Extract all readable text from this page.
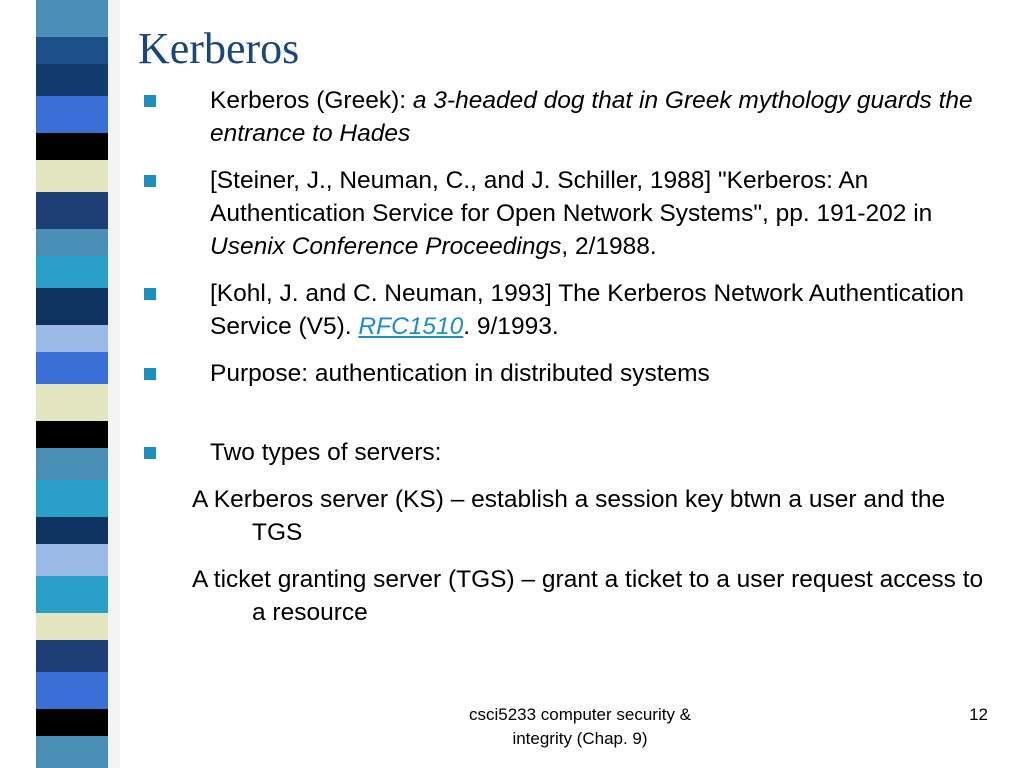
Kerberos
Kerberos (Greek): a 3-headed dog that in Greek mythology guards the entrance to Hades
[Steiner, J., Neuman, C., and J. Schiller, 1988] "Kerberos: An Authentication Service for Open Network Systems", pp. 191-202 in Usenix Conference Proceedings, 2/1988.
[Kohl, J. and C. Neuman, 1993] The Kerberos Network Authentication Service (V5). RFC1510. 9/1993.
Purpose: authentication in distributed systems
Two types of servers:
A Kerberos server (KS) – establish a session key btwn a user and the TGS
A ticket granting server (TGS) – grant a ticket to a user request access to a resource
csci5233 computer security &
integrity (Chap. 9)
12
